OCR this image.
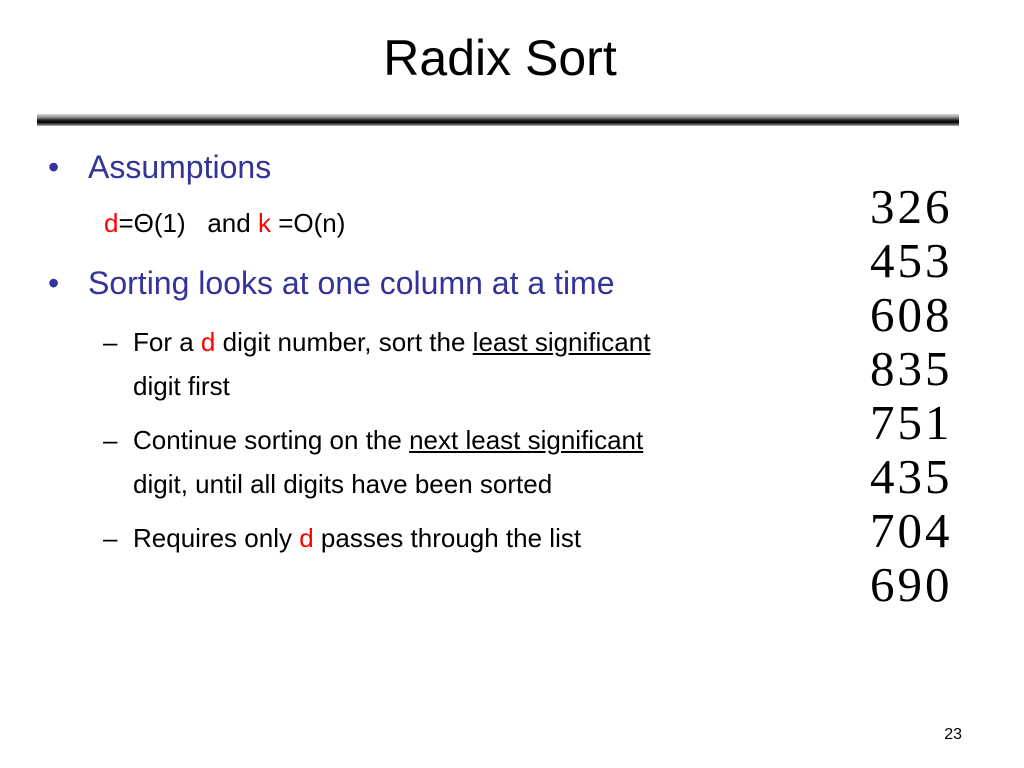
Radix Sort
• Assumptions
d=Θ(1) and k =O(n)
• Sorting looks at one column at a time
– For a d digit number, sort the least significant
digit first
– Continue sorting on the next least significant
digit, until all digits have been sorted
– Requires only d passes through the list
326
453
608
835
751
435
704
690
23
